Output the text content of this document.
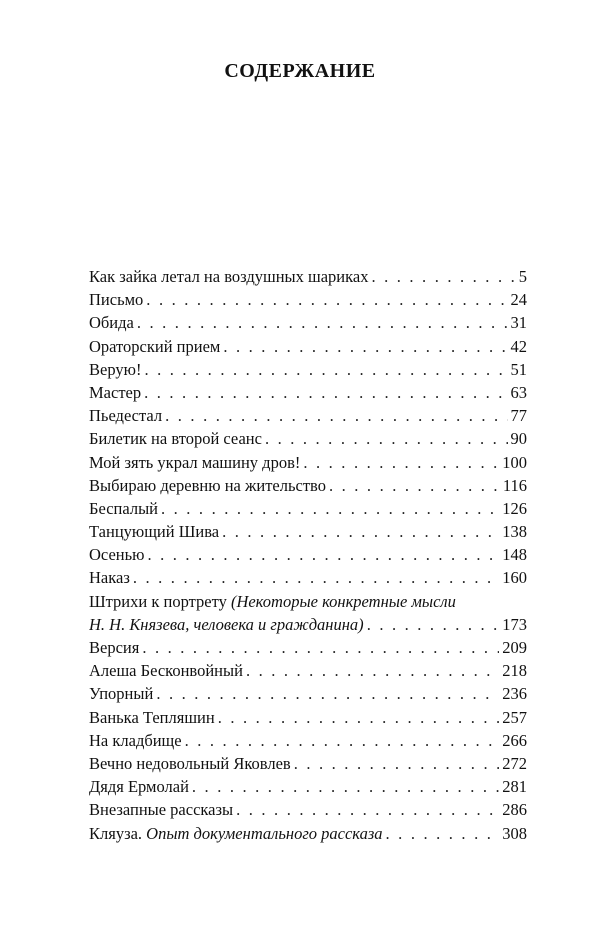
СОДЕРЖАНИЕ
Как зайка летал на воздушных шариках . . .	5
Письмо . . .	24
Обида . . .	31
Ораторский прием . . .	42
Верую! . . .	51
Мастер . . .	63
Пьедестал . . .	77
Билетик на второй сеанс . . .	90
Мой зять украл машину дров! . . .	100
Выбираю деревню на жительство . . .	116
Беспалый . . .	126
Танцующий Шива . . .	138
Осенью . . .	148
Наказ . . .	160
Штрихи к портрету (Некоторые конкретные мысли
Н. Н. Князева, человека и гражданина) . . .	173
Версия . . .	209
Алеша Бесконвойный . . .	218
Упорный . . .	236
Ванька Тепляшин . . .	257
На кладбище . . .	266
Вечно недовольный Яковлев . . .	272
Дядя Ермолай . . .	281
Внезапные рассказы . . .	286
Кляуза. Опыт документального рассказа . . .	308
